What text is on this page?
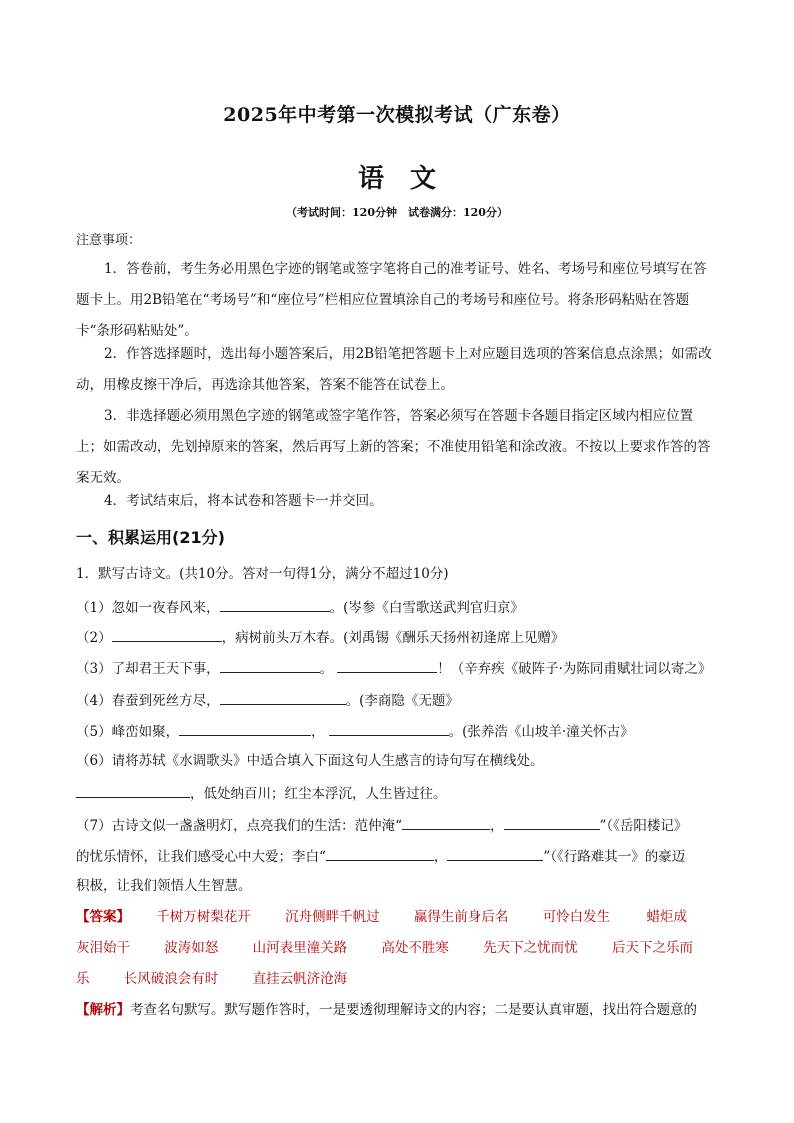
2025年中考第一次模拟考试（广东卷）
语文
（考试时间：120分钟　试卷满分：120分）
注意事项：
1．答卷前，考生务必用黑色字迹的钢笔或签字笔将自己的准考证号、姓名、考场号和座位号填写在答题卡上。用2B铅笔在“考场号”和“座位号”栏相应位置填涂自己的考场号和座位号。将条形码粘贴在答题卡“条形码粘贴处”。
2．作答选择题时，选出每小题答案后，用2B铅笔把答题卡上对应题目选项的答案信息点涂黑；如需改动，用橡皮擦干净后，再选涂其他答案，答案不能答在试卷上。
3．非选择题必须用黑色字迹的钢笔或签字笔作答，答案必须写在答题卡各题目指定区域内相应位置上；如需改动，先划掉原来的答案，然后再写上新的答案；不准使用铅笔和涂改液。不按以上要求作答的答案无效。
4．考试结束后，将本试卷和答题卡一并交回。
一、积累运用(21分)
1．默写古诗文。(共10分。答对一句得1分，满分不超过10分)
（1）忽如一夜春风来，	。(岑参《白雪歌送武判官归京》
（2）	，病树前头万木春。(刘禹锡《酬乐天扬州初逢席上见赠》
（3）了却君王天下事，	。	！（辛弃疾《破阵子·为陈同甫赋壮词以寄之》
（4）春蚕到死丝方尽，	。(李商隐《无题》
（5）峰峦如聚，	，	。(张养浩《山坡羊·潼关怀古》
（6）请将苏轼《水调歌头》中适合填入下面这句人生感言的诗句写在横线处。
，低处纳百川；红尘本浮沉，人生皆过往。
（7）古诗文似一盏盏明灯，点亮我们的生活：范仲淹“	，	”（《岳阳楼记》
的忧乐情怀，让我们感受心中大爱；李白“	，	”（《行路难其一》的豪迈
积极，让我们领悟人生智慧。
【答案】 千树万树梨花开	沉舟侧畔千帆过	赢得生前身后名	可怜白发生	蜡炬成
灰泪始干	波涛如怒	山河表里潼关路	高处不胜寒	先天下之忧而忧	后天下之乐而
乐	长风破浪会有时	直挂云帆济沧海
【解析】考查名句默写。默写题作答时，一是要透彻理解诗文的内容；二是要认真审题，找出符合题意的
